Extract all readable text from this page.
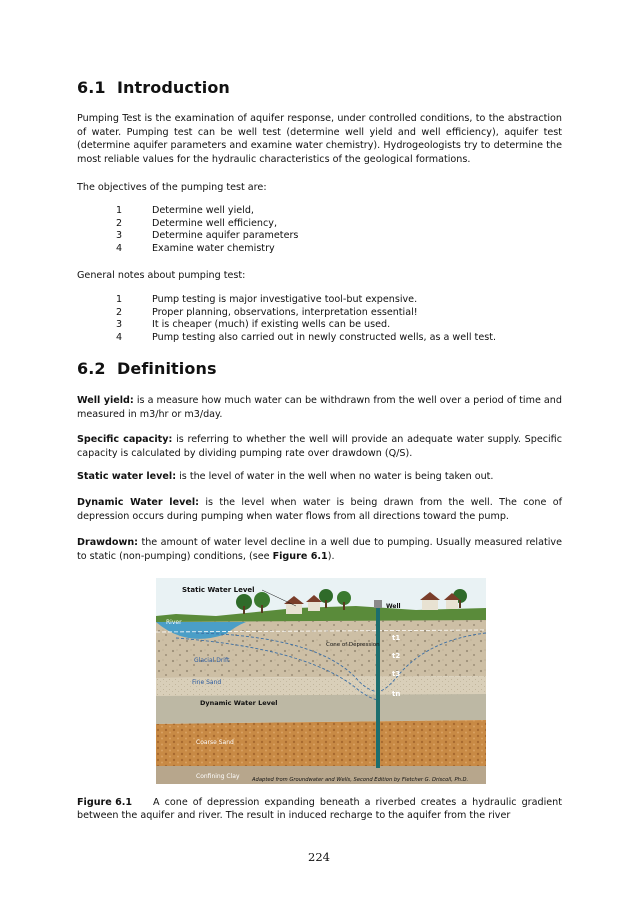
6.1 Introduction

Pumping Test is the examination of aquifer response, under controlled conditions, to the abstraction of water. Pumping test can be well test (determine well yield and well efficiency), aquifer test (determine aquifer parameters and examine water chemistry). Hydrogeologists try to determine the most reliable values for the hydraulic characteristics of the geological formations.

The objectives of the pumping test are:

1	Determine well yield,
2	Determine well efficiency,
3	Determine aquifer parameters
4	Examine water chemistry

General notes about pumping test:

1	Pump testing is major investigative tool-but expensive.
2	Proper planning, observations, interpretation essential!
3	It is cheaper (much) if existing wells can be used.
4	Pump testing also carried out in newly constructed wells, as a well test.
6.2 Definitions

Well yield: is a measure how much water can be withdrawn from the well over a period of time and measured in m3/hr or m3/day.

Specific capacity: is referring to whether the well will provide an adequate water supply. Specific capacity is calculated by dividing pumping rate over drawdown (Q/S).

Static water level: is the level of water in the well when no water is being taken out.

Dynamic Water level: is the level when water is being drawn from the well. The cone of depression occurs during pumping when water flows from all directions toward the pump.

Drawdown: the amount of water level decline in a well due to pumping. Usually measured relative to static (non-pumping) conditions, (see Figure 6.1).

Static Water Level
Well
River
Cone of Depression
Glacial Drift
Fine Sand
Dynamic Water Level
Coarse Sand
Confining Clay
t1
t2
t3
tn
Adapted from Groundwater and Wells, Second Edition by Fletcher G. Driscoll, Ph.D.

Figure 6.1 A cone of depression expanding beneath a riverbed creates a hydraulic gradient between the aquifer and river. The result in induced recharge to the aquifer from the river

224
